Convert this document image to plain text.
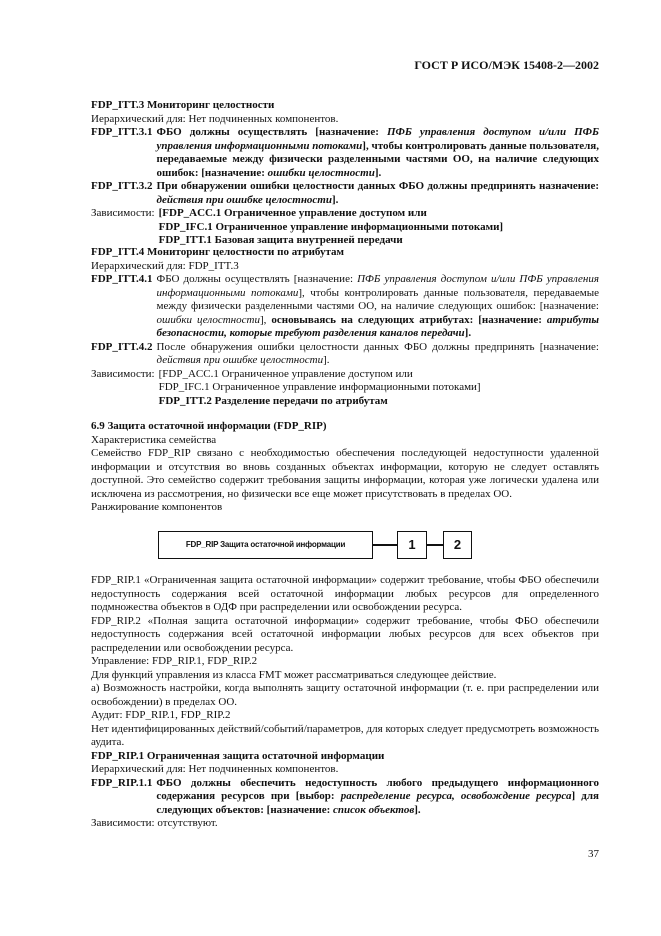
ГОСТ Р ИСО/МЭК 15408-2—2002

FDP_ITT.3 Мониторинг целостности

Иерархический для: Нет подчиненных компонентов.

FDP_ITT.3.1 ФБО должны осуществлять [назначение: ПФБ управления доступом и/или ПФБ управления информационными потоками], чтобы контролировать данные пользователя, передаваемые между физически разделенными частями ОО, на наличие следующих ошибок: [назначение: ошибки целостности].
FDP_ITT.3.2 При обнаружении ошибки целостности данных ФБО должны предпринять назначение: действия при ошибке целостности].
Зависимости: [FDP_ACC.1 Ограниченное управление доступом или
FDP_IFC.1 Ограниченное управление информационными потоками]
FDP_ITT.1 Базовая защита внутренней передачи

FDP_ITT.4 Мониторинг целостности по атрибутам

Иерархический для: FDP_ITT.3

FDP_ITT.4.1 ФБО должны осуществлять [назначение: ПФБ управления доступом и/или ПФБ управления информационными потоками], чтобы контролировать данные пользователя, передаваемые между физически разделенными частями ОО, на наличие следующих ошибок: [назначение: ошибки целостности], основываясь на следующих атрибутах: [назначение: атрибуты безопасности, которые требуют разделения каналов передачи].
FDP_ITT.4.2 После обнаружения ошибки целостности данных ФБО должны предпринять [назначение: действия при ошибке целостности].
Зависимости: [FDP_ACC.1 Ограниченное управление доступом или
FDP_IFC.1 Ограниченное управление информационными потоками]
FDP_ITT.2 Разделение передачи по атрибутам

6.9 Защита остаточной информации (FDP_RIP)

Характеристика семейства

Семейство FDP_RIP связано с необходимостью обеспечения последующей недоступности удаленной информации и отсутствия во вновь созданных объектах информации, которую не следует оставлять доступной. Это семейство содержит требования защиты информации, которая уже логически удалена или исключена из рассмотрения, но физически все еще может присутствовать в пределах ОО.

Ранжирование компонентов

FDP_RIP Защита остаточной информации	1	2

FDP_RIP.1 «Ограниченная защита остаточной информации» содержит требование, чтобы ФБО обеспечили недоступность содержания всей остаточной информации любых ресурсов для определенного подмножества объектов в ОДФ при распределении или освобождении ресурса.

FDP_RIP.2 «Полная защита остаточной информации» содержит требование, чтобы ФБО обеспечили недоступность содержания всей остаточной информации любых ресурсов для всех объектов при распределении или освобождении ресурса.

Управление: FDP_RIP.1, FDP_RIP.2

Для функций управления из класса FMT может рассматриваться следующее действие.

а) Возможность настройки, когда выполнять защиту остаточной информации (т. е. при распределении или освобождении) в пределах ОО.

Аудит: FDP_RIP.1, FDP_RIP.2

Нет идентифицированных действий/событий/параметров, для которых следует предусмотреть возможность аудита.

FDP_RIP.1 Ограниченная защита остаточной информации

Иерархический для: Нет подчиненных компонентов.

FDP_RIP.1.1 ФБО должны обеспечить недоступность любого предыдущего информационного содержания ресурсов при [выбор: распределение ресурса, освобождение ресурса] для следующих объектов: [назначение: список объектов].

Зависимости: отсутствуют.

37
